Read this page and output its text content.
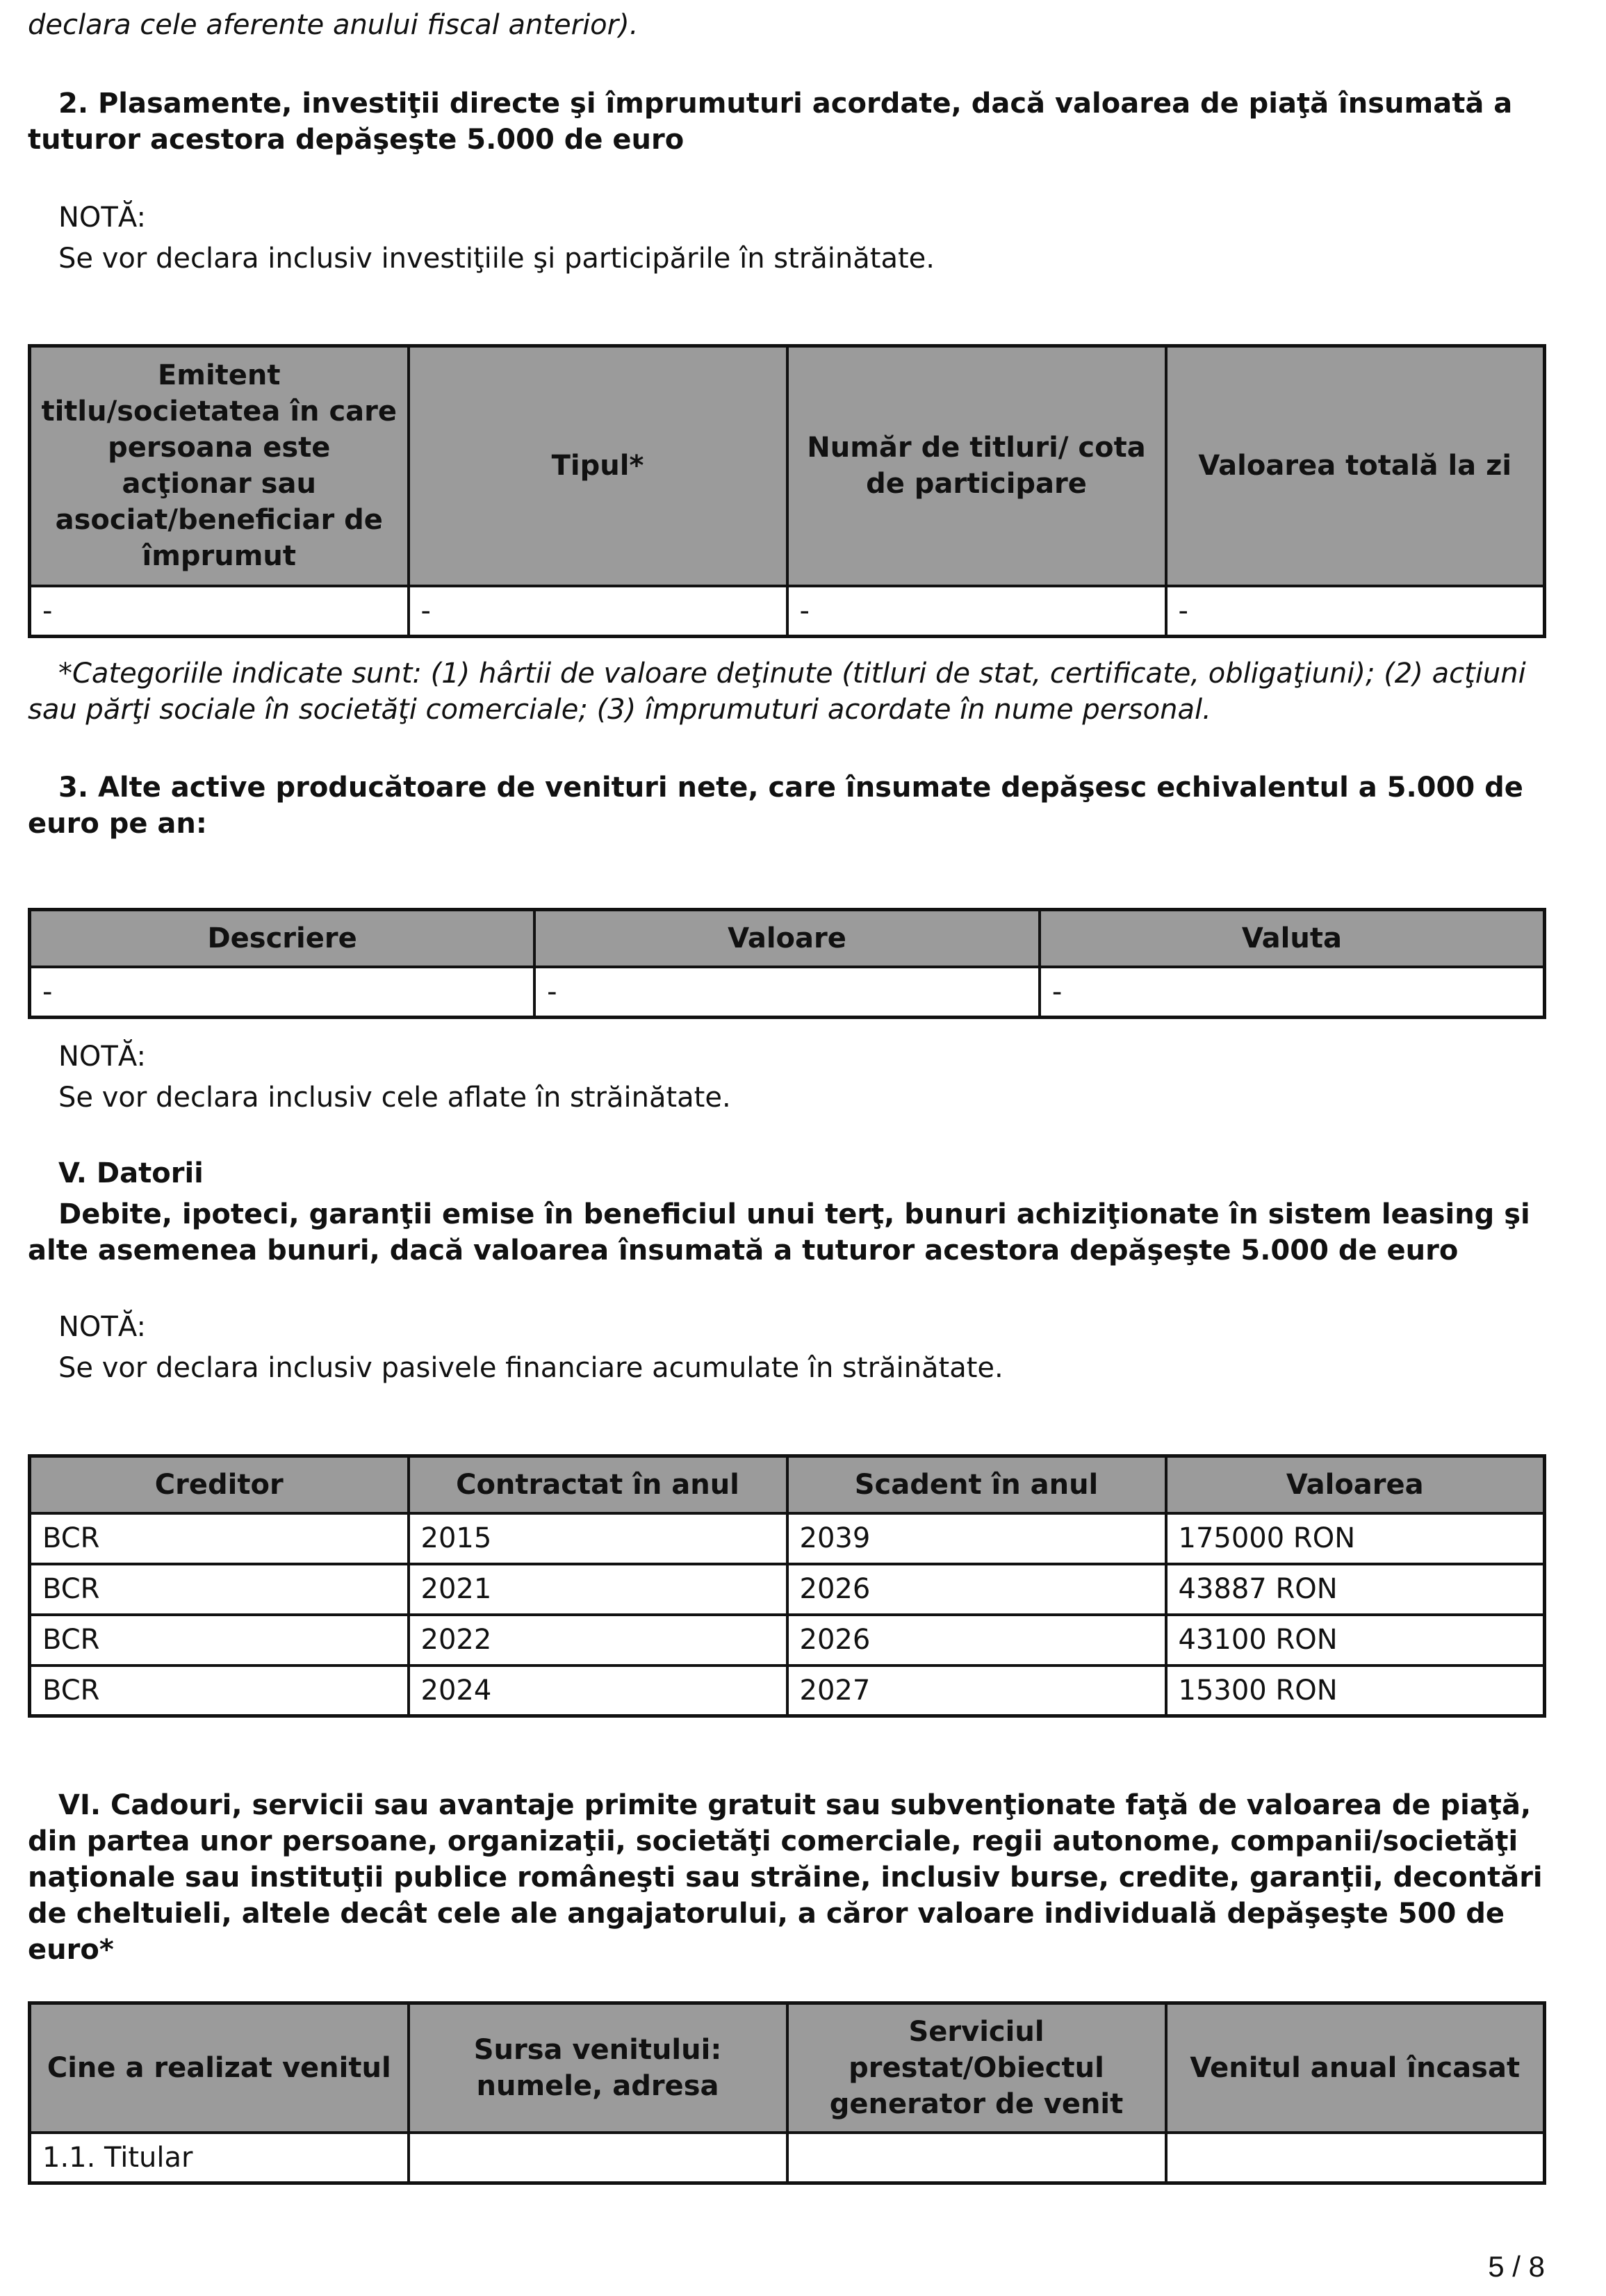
declara cele aferente anului fiscal anterior).

2. Plasamente, investiţii directe şi împrumuturi acordate, dacă valoarea de piaţă însumată a tuturor acestora depăşeşte 5.000 de euro

NOTĂ:

Se vor declara inclusiv investiţiile şi participările în străinătate.

Emitent titlu/societatea în care persoana este acţionar sau asociat/beneficiar de împrumut	Tipul*	Număr de titluri/ cota de participare	Valoarea totală la zi
-	-	-	-

*Categoriile indicate sunt: (1) hârtii de valoare deţinute (titluri de stat, certificate, obligaţiuni); (2) acţiuni sau părţi sociale în societăţi comerciale; (3) împrumuturi acordate în nume personal.

3. Alte active producătoare de venituri nete, care însumate depăşesc echivalentul a 5.000 de euro pe an:

Descriere	Valoare	Valuta
-	-	-

NOTĂ:

Se vor declara inclusiv cele aflate în străinătate.

V. Datorii

Debite, ipoteci, garanţii emise în beneficiul unui terţ, bunuri achiziţionate în sistem leasing şi alte asemenea bunuri, dacă valoarea însumată a tuturor acestora depăşeşte 5.000 de euro

NOTĂ:

Se vor declara inclusiv pasivele financiare acumulate în străinătate.

Creditor	Contractat în anul	Scadent în anul	Valoarea
BCR	2015	2039	175000 RON
BCR	2021	2026	43887 RON
BCR	2022	2026	43100 RON
BCR	2024	2027	15300 RON

VI. Cadouri, servicii sau avantaje primite gratuit sau subvenţionate faţă de valoarea de piaţă, din partea unor persoane, organizaţii, societăţi comerciale, regii autonome, companii/societăţi naţionale sau instituţii publice româneşti sau străine, inclusiv burse, credite, garanţii, decontări de cheltuieli, altele decât cele ale angajatorului, a căror valoare individuală depăşeşte 500 de euro*

Cine a realizat venitul	Sursa venitului: numele, adresa	Serviciul prestat/Obiectul generator de venit	Venitul anual încasat
1.1. Titular			
5 / 8
